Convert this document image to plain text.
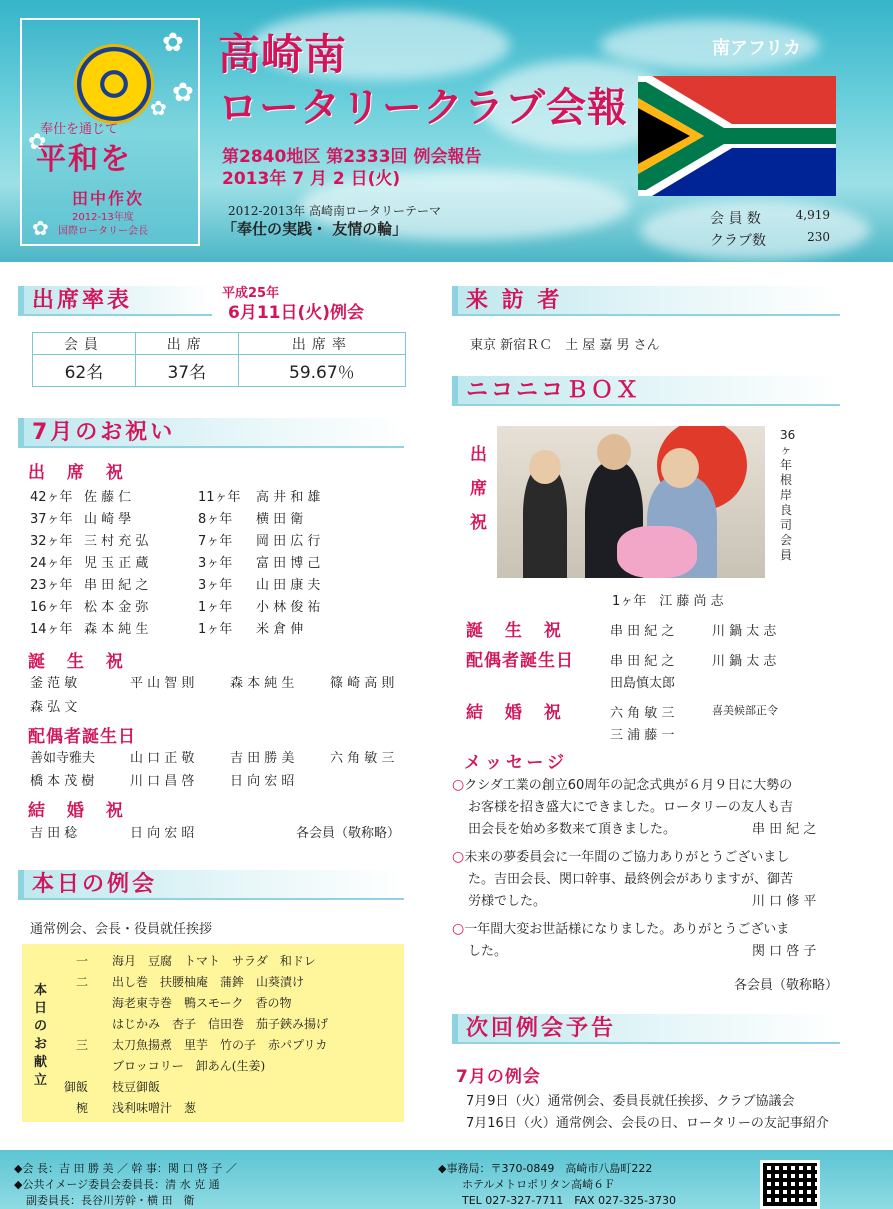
✿
✿
✿
✿
✿
奉仕を通じて
平和を
田中作次
2012-13年度
国際ロータリー会長
高崎南
ロータリークラブ会報
第2840地区 第2333回 例会報告
2013年 7 月 2 日(火)
2012-2013年 高崎南ロータリーテーマ
「奉仕の実践・ 友情の輪」
南アフリカ
会 員 数	4,919
クラブ数	230
出席率表	平成25年
6月11日(火)例会
会員	出席	出席率
62名	37名	59.67％
7月のお祝い
出 席 祝
42ヶ年 佐 藤 仁	11ヶ年 高 井 和 雄
37ヶ年 山 崎 學	8ヶ年 横 田 衛
32ヶ年 三 村 充 弘	7ヶ年 岡 田 広 行
24ヶ年 児 玉 正 蔵	3ヶ年 富 田 博 己
23ヶ年 串 田 紀 之	3ヶ年 山 田 康 夫
16ヶ年 松 本 金 弥	1ヶ年 小 林 俊 祐
14ヶ年 森 本 純 生	1ヶ年 米 倉 伸
誕 生 祝
釜 范 敏	平 山 智 則	森 本 純 生	篠 崎 高 則
森 弘 文
配偶者誕生日
善如寺雅夫	山 口 正 敬	吉 田 勝 美	六 角 敏 三
橋 本 茂 樹	川 口 昌 啓	日 向 宏 昭
結 婚 祝
吉 田 稔	日 向 宏 昭	各会員（敬称略）
本日の例会
通常例会、会長・役員就任挨拶
本日のお献立
一 海月　豆腐　トマト　サラダ　和ドレ
二 出し巻　扶腰柚庵　蒲鉾　山葵漬け
海老東寺巻　鴨スモーク　香の物
はじかみ　杏子　信田巻　茄子鋏み揚げ
三 太刀魚揚煮　里芋　竹の子　赤パプリカ
ブロッコリー　卸あん(生姜)
御飯 枝豆御飯
椀 浅利味噌汁　葱
来 訪 者
東京 新宿ＲＣ　土 屋 嘉 男 さん
ニコニコＢＯＸ
出席祝
36ヶ年 根岸良司会員
1ヶ年　江 藤 尚 志
誕 生 祝	串 田 紀 之	川 鍋 太 志
配偶者誕生日	串 田 紀 之	川 鍋 太 志
田島慎太郎
結 婚 祝	六 角 敏 三	喜美候部正令
三 浦 藤 一
メッセージ
○クシダ工業の創立60周年の記念式典が６月９日に大勢の
お客様を招き盛大にできました。ロータリーの友人も吉
田会長を始め多数来て頂きました。	串 田 紀 之
○未来の夢委員会に一年間のご協力ありがとうございまし
た。吉田会長、関口幹事、最終例会がありますが、御苦
労様でした。	川 口 修 平
○一年間大変お世話様になりました。ありがとうございま
した。	関 口 啓 子
各会員（敬称略）
次回例会予告
7月の例会
7月9日（火）通常例会、委員長就任挨拶、クラブ協議会
7月16日（火）通常例会、会長の日、ロータリーの友記事紹介
◆会 長：吉 田 勝 美 ／ 幹 事：関 口 啓 子 ／
◆公共イメージ委員会委員長：清 水 克 通
副委員長：長谷川芳幹・横 田　衛
◆事務局：〒370-0849　高崎市八島町222
ホテルメトロポリタン高崎６Ｆ
TEL 027-327-7711　FAX 027-325-3730
